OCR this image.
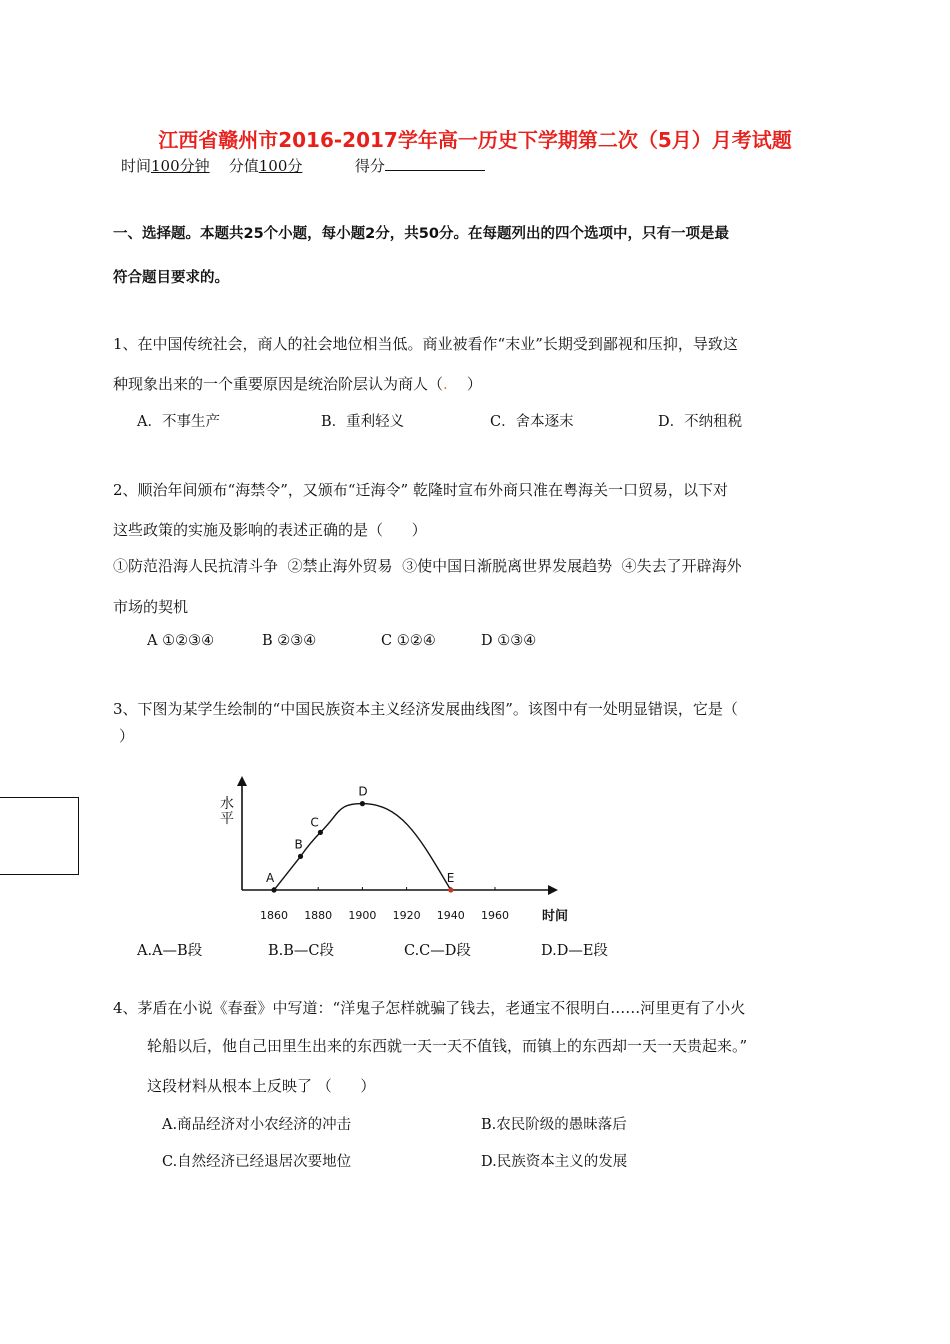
江西省赣州市2016-2017学年高一历史下学期第二次（5月）月考试题
时间100分钟 分值100分	得分
一、选择题。本题共25个小题，每小题2分，共50分。在每题列出的四个选项中，只有一项是最
符合题目要求的。
1、在中国传统社会，商人的社会地位相当低。商业被看作“末业”长期受到鄙视和压抑，导致这
种现象出来的一个重要原因是统治阶层认为商人（.    ）
A．不事生产	B．重利轻义	C．舍本逐末	D．不纳租税
2、顺治年间颁布“海禁令”，又颁布“迁海令” 乾隆时宣布外商只准在粤海关一口贸易，以下对
这些政策的实施及影响的表述正确的是（      ）
①防范沿海人民抗清斗争  ②禁止海外贸易  ③使中国日渐脱离世界发展趋势  ④失去了开辟海外
市场的契机
A ①②③④	B ②③④	C ①②④	D ①③④
3、下图为某学生绘制的“中国民族资本主义经济发展曲线图”。该图中有一处明显错误，它是（
）
水
平
1860 1880 1900 1920 1940 1960	时间
A
B
C
D
E
A.A—B段	B.B—C段	C.C—D段	D.D—E段
4、茅盾在小说《春蚕》中写道：“洋鬼子怎样就骗了钱去，老通宝不很明白……河里更有了小火
轮船以后，他自己田里生出来的东西就一天一天不值钱，而镇上的东西却一天一天贵起来。”
这段材料从根本上反映了 （      ）
A.商品经济对小农经济的冲击	B.农民阶级的愚昧落后
C.自然经济已经退居次要地位	D.民族资本主义的发展
